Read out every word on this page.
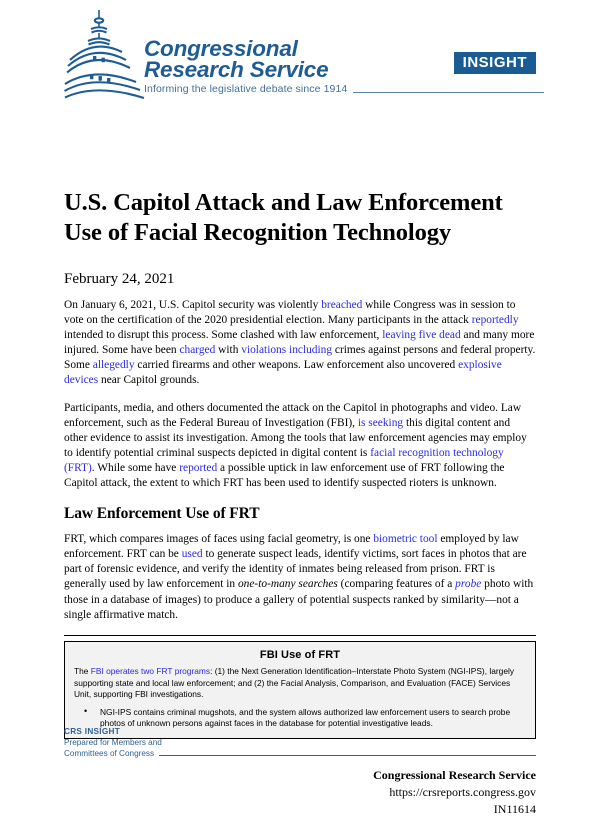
Congressional
Research Service
Informing the legislative debate since 1914
INSIGHT
U.S. Capitol Attack and Law Enforcement Use of Facial Recognition Technology
February 24, 2021

On January 6, 2021, U.S. Capitol security was violently breached while Congress was in session to vote on the certification of the 2020 presidential election. Many participants in the attack reportedly intended to disrupt this process. Some clashed with law enforcement, leaving five dead and many more injured. Some have been charged with violations including crimes against persons and federal property. Some allegedly carried firearms and other weapons. Law enforcement also uncovered explosive devices near Capitol grounds.

Participants, media, and others documented the attack on the Capitol in photographs and video. Law enforcement, such as the Federal Bureau of Investigation (FBI), is seeking this digital content and other evidence to assist its investigation. Among the tools that law enforcement agencies may employ to identify potential criminal suspects depicted in digital content is facial recognition technology (FRT). While some have reported a possible uptick in law enforcement use of FRT following the Capitol attack, the extent to which FRT has been used to identify suspected rioters is unknown.

Law Enforcement Use of FRT

FRT, which compares images of faces using facial geometry, is one biometric tool employed by law enforcement. FRT can be used to generate suspect leads, identify victims, sort faces in photos that are part of forensic evidence, and verify the identity of inmates being released from prison. FRT is generally used by law enforcement in one-to-many searches (comparing features of a probe photo with those in a database of images) to produce a gallery of potential suspects ranked by similarity—not a single affirmative match.

FBI Use of FRT

The FBI operates two FRT programs: (1) the Next Generation Identification–Interstate Photo System (NGI-IPS), largely supporting state and local law enforcement; and (2) the Facial Analysis, Comparison, and Evaluation (FACE) Services Unit, supporting FBI investigations.

• NGI-IPS contains criminal mugshots, and the system allows authorized law enforcement users to search probe photos of unknown persons against faces in the database for potential investigative leads.
Congressional Research Service
https://crsreports.congress.gov
IN11614
CRS INSIGHT
Prepared for Members and
Committees of Congress
